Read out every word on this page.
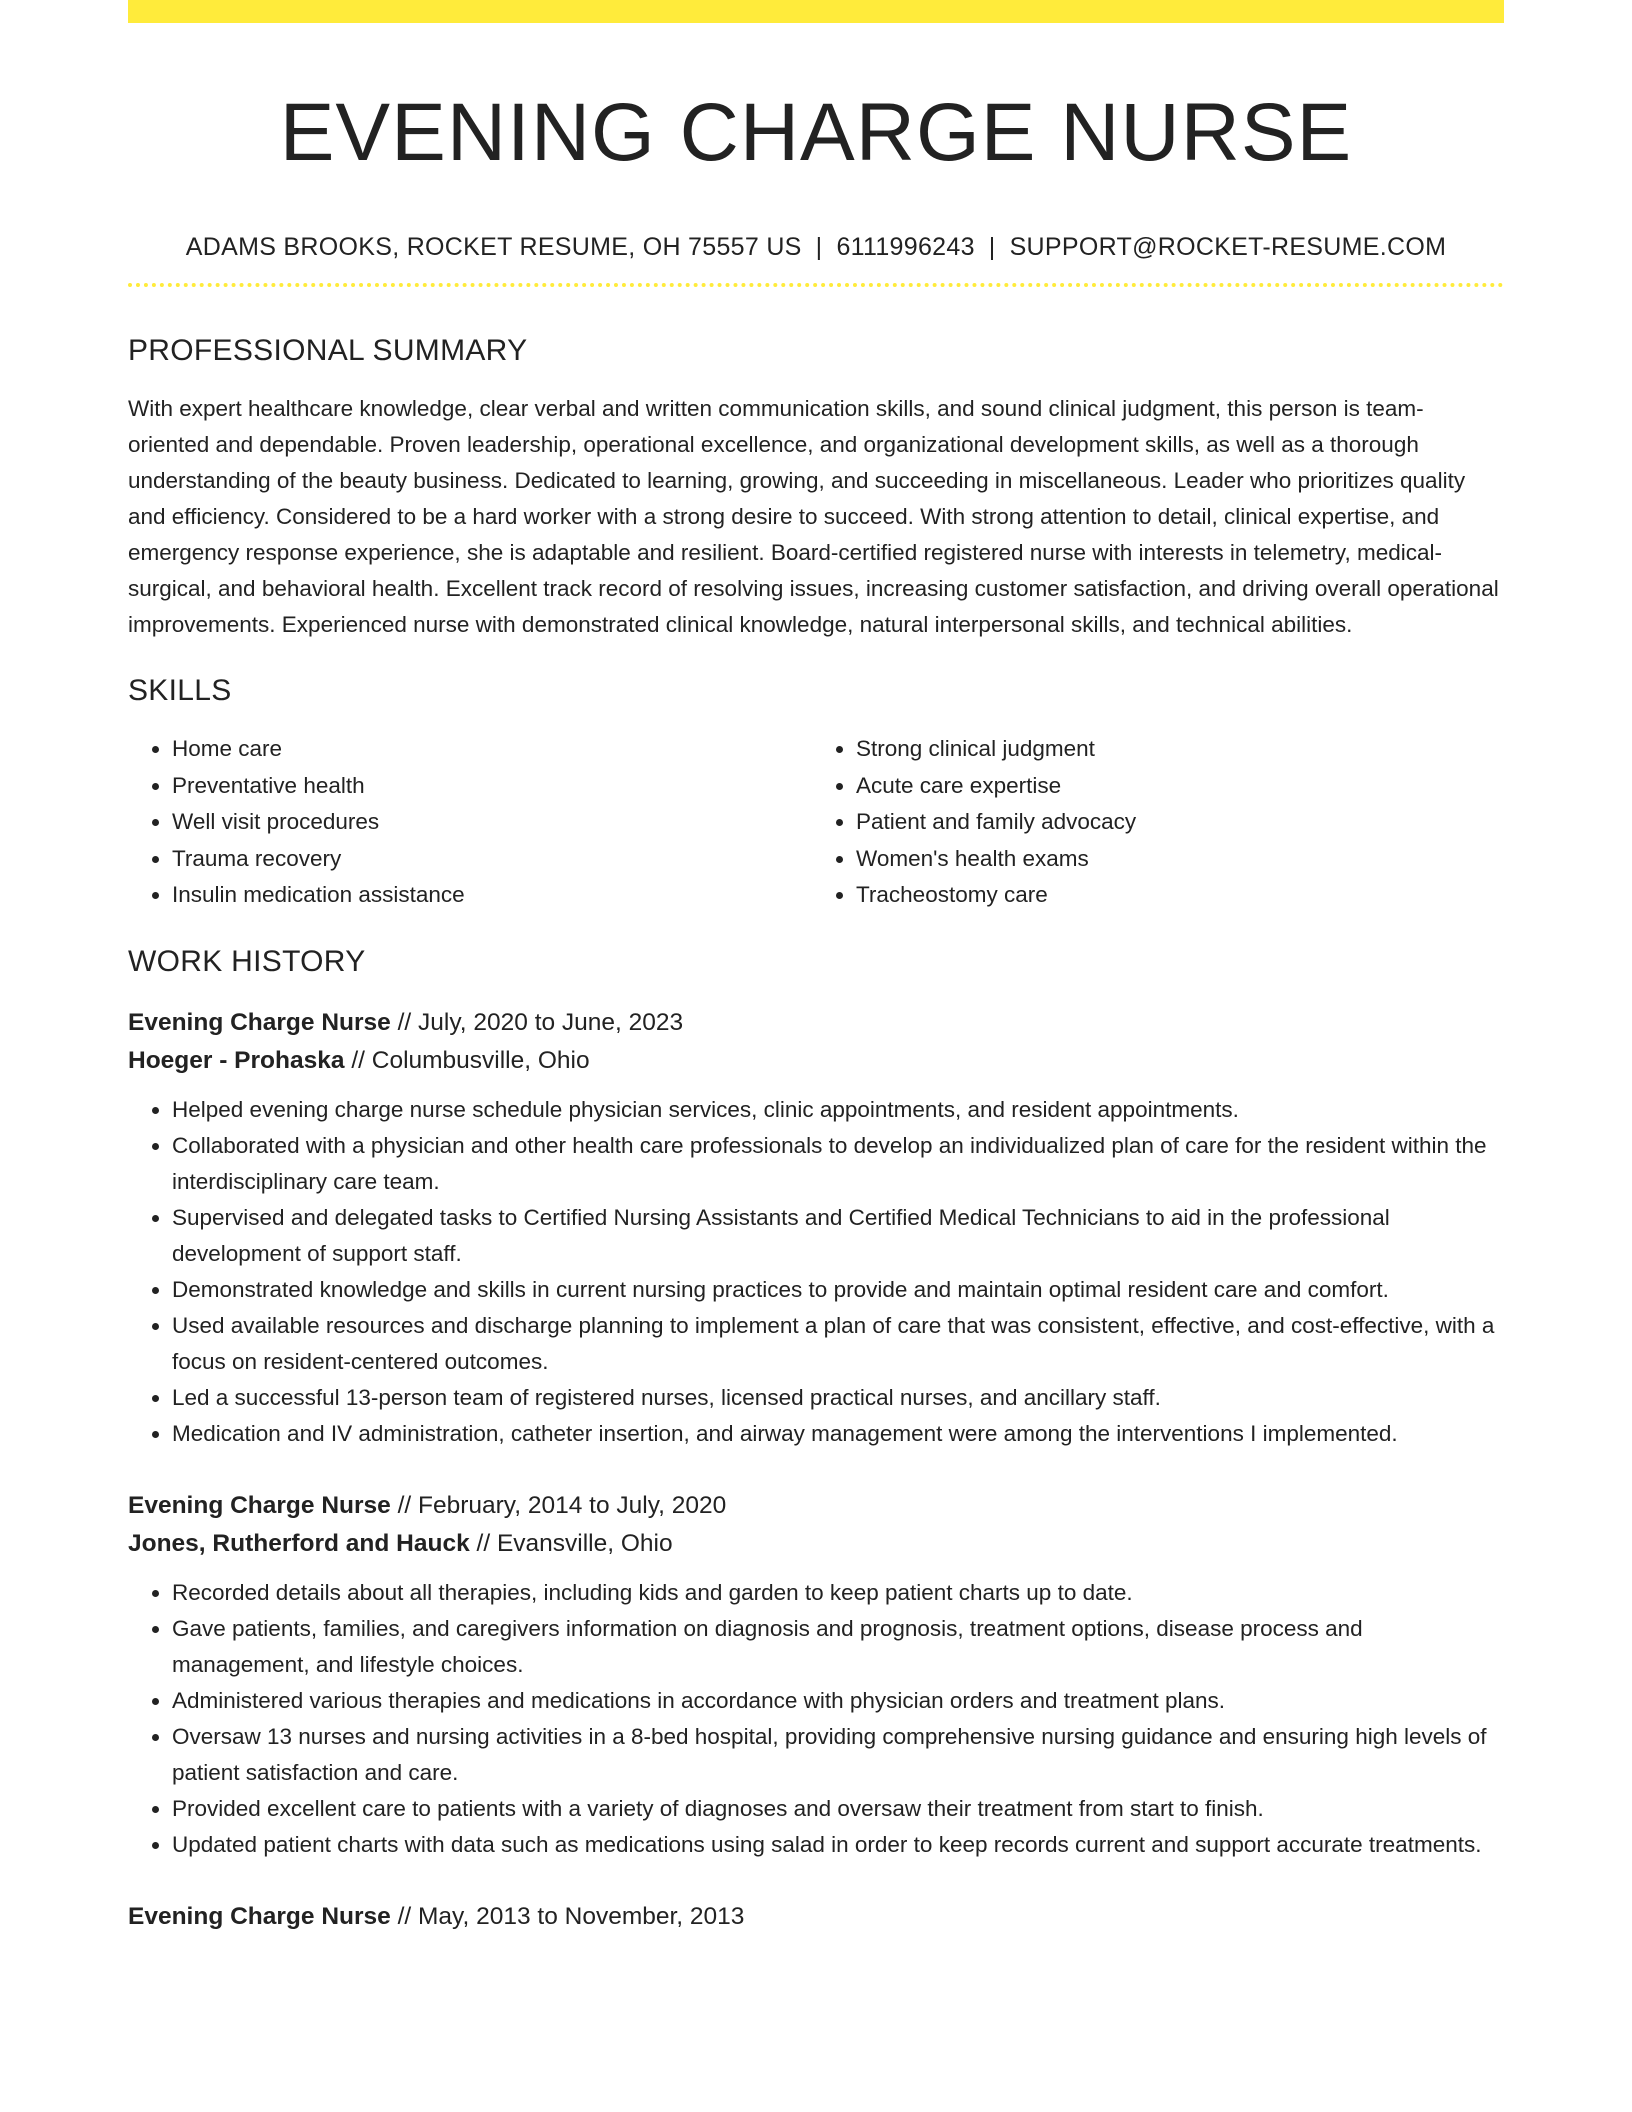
EVENING CHARGE NURSE
ADAMS BROOKS, ROCKET RESUME, OH 75557 US | 6111996243 | SUPPORT@ROCKET-RESUME.COM
PROFESSIONAL SUMMARY
With expert healthcare knowledge, clear verbal and written communication skills, and sound clinical judgment, this person is team-oriented and dependable. Proven leadership, operational excellence, and organizational development skills, as well as a thorough understanding of the beauty business. Dedicated to learning, growing, and succeeding in miscellaneous. Leader who prioritizes quality and efficiency. Considered to be a hard worker with a strong desire to succeed. With strong attention to detail, clinical expertise, and emergency response experience, she is adaptable and resilient. Board-certified registered nurse with interests in telemetry, medical-surgical, and behavioral health. Excellent track record of resolving issues, increasing customer satisfaction, and driving overall operational improvements. Experienced nurse with demonstrated clinical knowledge, natural interpersonal skills, and technical abilities.
SKILLS
• Home care
• Preventative health
• Well visit procedures
• Trauma recovery
• Insulin medication assistance
• Strong clinical judgment
• Acute care expertise
• Patient and family advocacy
• Women's health exams
• Tracheostomy care
WORK HISTORY
Evening Charge Nurse // July, 2020 to June, 2023
Hoeger - Prohaska // Columbusville, Ohio
• Helped evening charge nurse schedule physician services, clinic appointments, and resident appointments.
• Collaborated with a physician and other health care professionals to develop an individualized plan of care for the resident within the interdisciplinary care team.
• Supervised and delegated tasks to Certified Nursing Assistants and Certified Medical Technicians to aid in the professional development of support staff.
• Demonstrated knowledge and skills in current nursing practices to provide and maintain optimal resident care and comfort.
• Used available resources and discharge planning to implement a plan of care that was consistent, effective, and cost-effective, with a focus on resident-centered outcomes.
• Led a successful 13-person team of registered nurses, licensed practical nurses, and ancillary staff.
• Medication and IV administration, catheter insertion, and airway management were among the interventions I implemented.
Evening Charge Nurse // February, 2014 to July, 2020
Jones, Rutherford and Hauck // Evansville, Ohio
• Recorded details about all therapies, including kids and garden to keep patient charts up to date.
• Gave patients, families, and caregivers information on diagnosis and prognosis, treatment options, disease process and management, and lifestyle choices.
• Administered various therapies and medications in accordance with physician orders and treatment plans.
• Oversaw 13 nurses and nursing activities in a 8-bed hospital, providing comprehensive nursing guidance and ensuring high levels of patient satisfaction and care.
• Provided excellent care to patients with a variety of diagnoses and oversaw their treatment from start to finish.
• Updated patient charts with data such as medications using salad in order to keep records current and support accurate treatments.
Evening Charge Nurse // May, 2013 to November, 2013
